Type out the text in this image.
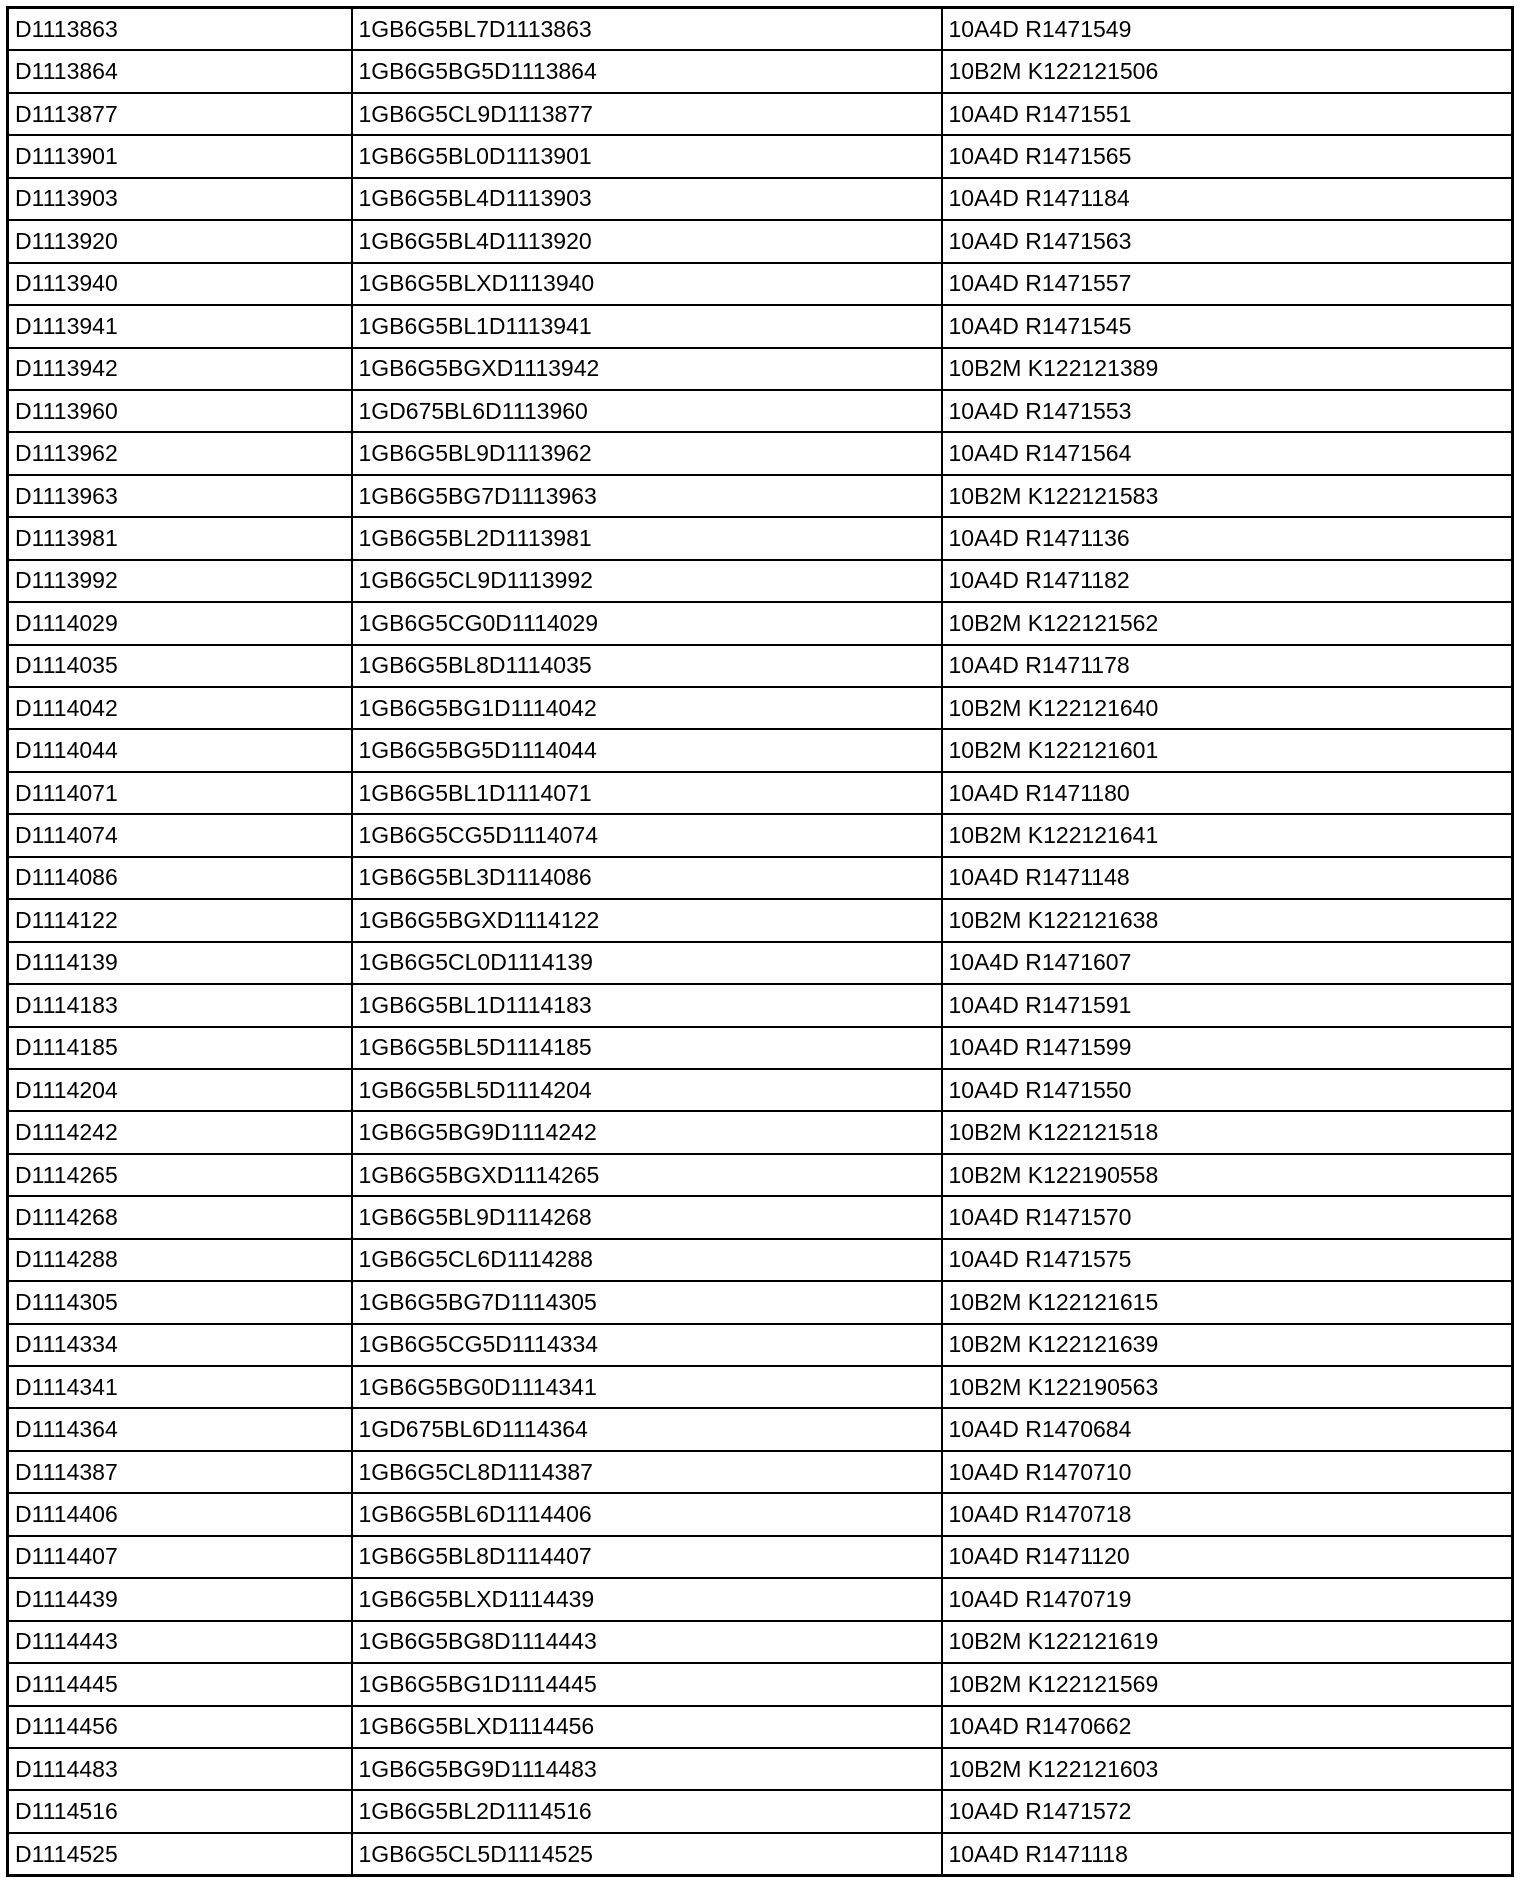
D1113863	1GB6G5BL7D1113863	10A4D R1471549
D1113864	1GB6G5BG5D1113864	10B2M K122121506
D1113877	1GB6G5CL9D1113877	10A4D R1471551
D1113901	1GB6G5BL0D1113901	10A4D R1471565
D1113903	1GB6G5BL4D1113903	10A4D R1471184
D1113920	1GB6G5BL4D1113920	10A4D R1471563
D1113940	1GB6G5BLXD1113940	10A4D R1471557
D1113941	1GB6G5BL1D1113941	10A4D R1471545
D1113942	1GB6G5BGXD1113942	10B2M K122121389
D1113960	1GD675BL6D1113960	10A4D R1471553
D1113962	1GB6G5BL9D1113962	10A4D R1471564
D1113963	1GB6G5BG7D1113963	10B2M K122121583
D1113981	1GB6G5BL2D1113981	10A4D R1471136
D1113992	1GB6G5CL9D1113992	10A4D R1471182
D1114029	1GB6G5CG0D1114029	10B2M K122121562
D1114035	1GB6G5BL8D1114035	10A4D R1471178
D1114042	1GB6G5BG1D1114042	10B2M K122121640
D1114044	1GB6G5BG5D1114044	10B2M K122121601
D1114071	1GB6G5BL1D1114071	10A4D R1471180
D1114074	1GB6G5CG5D1114074	10B2M K122121641
D1114086	1GB6G5BL3D1114086	10A4D R1471148
D1114122	1GB6G5BGXD1114122	10B2M K122121638
D1114139	1GB6G5CL0D1114139	10A4D R1471607
D1114183	1GB6G5BL1D1114183	10A4D R1471591
D1114185	1GB6G5BL5D1114185	10A4D R1471599
D1114204	1GB6G5BL5D1114204	10A4D R1471550
D1114242	1GB6G5BG9D1114242	10B2M K122121518
D1114265	1GB6G5BGXD1114265	10B2M K122190558
D1114268	1GB6G5BL9D1114268	10A4D R1471570
D1114288	1GB6G5CL6D1114288	10A4D R1471575
D1114305	1GB6G5BG7D1114305	10B2M K122121615
D1114334	1GB6G5CG5D1114334	10B2M K122121639
D1114341	1GB6G5BG0D1114341	10B2M K122190563
D1114364	1GD675BL6D1114364	10A4D R1470684
D1114387	1GB6G5CL8D1114387	10A4D R1470710
D1114406	1GB6G5BL6D1114406	10A4D R1470718
D1114407	1GB6G5BL8D1114407	10A4D R1471120
D1114439	1GB6G5BLXD1114439	10A4D R1470719
D1114443	1GB6G5BG8D1114443	10B2M K122121619
D1114445	1GB6G5BG1D1114445	10B2M K122121569
D1114456	1GB6G5BLXD1114456	10A4D R1470662
D1114483	1GB6G5BG9D1114483	10B2M K122121603
D1114516	1GB6G5BL2D1114516	10A4D R1471572
D1114525	1GB6G5CL5D1114525	10A4D R1471118
